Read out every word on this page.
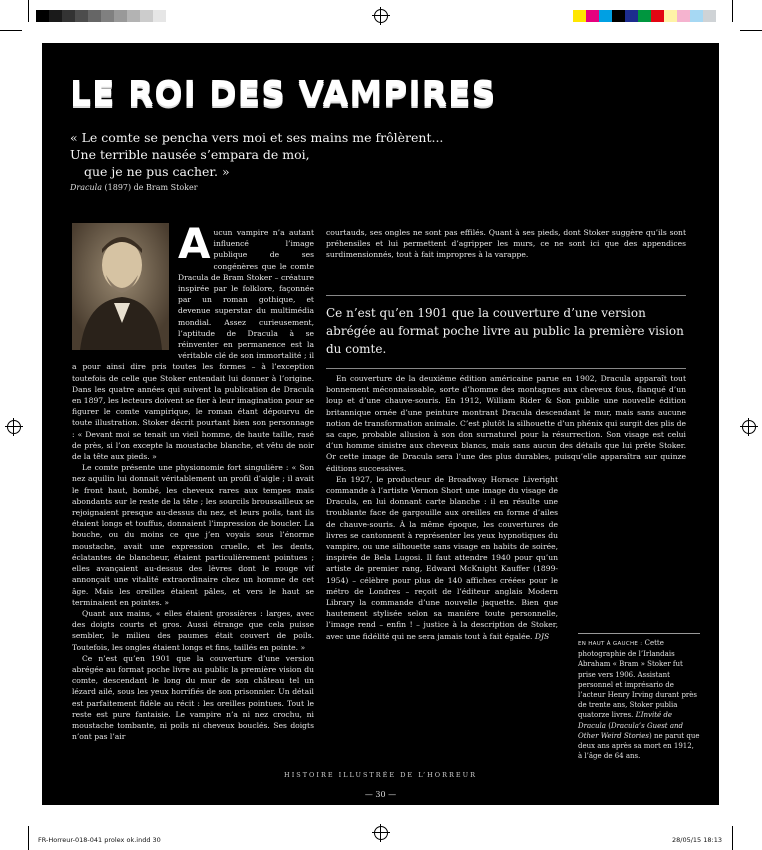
FR-Horreur-018-041 prolex ok.indd 30	28/05/15 18:13
LE ROI DES VAMPIRES
« Le comte se pencha vers moi et ses mains me frôlèrent...
Une terrible nausée s’empara de moi,
que je ne pus cacher. »
Dracula (1897) de Bram Stoker

Aucun vampire n’a autant influencé l’image publique de ses congénères que le comte Dracula de Bram Stoker – créature inspirée par le folklore, façonnée par un roman gothique, et devenue superstar du multimédia mondial. Assez curieusement, l’aptitude de Dracula à se réinventer en permanence est la véritable clé de son immortalité ; il a pour ainsi dire pris toutes les formes – à l’exception toutefois de celle que Stoker entendait lui donner à l’origine. Dans les quatre années qui suivent la publication de Dracula en 1897, les lecteurs doivent se fier à leur imagination pour se figurer le comte vampirique, le roman étant dépourvu de toute illustration. Stoker décrit pourtant bien son personnage : « Devant moi se tenait un vieil homme, de haute taille, rasé de près, si l’on excepte la moustache blanche, et vêtu de noir de la tête aux pieds. »

Le comte présente une physionomie fort singulière : « Son nez aquilin lui donnait véritablement un profil d’aigle ; il avait le front haut, bombé, les cheveux rares aux tempes mais abondants sur le reste de la tête ; les sourcils broussailleux se rejoignaient presque au-dessus du nez, et leurs poils, tant ils étaient longs et touffus, donnaient l’impression de boucler. La bouche, ou du moins ce que j’en voyais sous l’énorme moustache, avait une expression cruelle, et les dents, éclatantes de blancheur, étaient particulièrement pointues ; elles avançaient au-dessus des lèvres dont le rouge vif annonçait une vitalité extraordinaire chez un homme de cet âge. Mais les oreilles étaient pâles, et vers le haut se terminaient en pointes. »

Quant aux mains, « elles étaient grossières : larges, avec des doigts courts et gros. Aussi étrange que cela puisse sembler, le milieu des paumes était couvert de poils. Toutefois, les ongles étaient longs et fins, taillés en pointe. »

Ce n’est qu’en 1901 que la couverture d’une version abrégée au format poche livre au public la première vision du comte, descendant le long du mur de son château tel un lézard ailé, sous les yeux horrifiés de son prisonnier. Un détail est parfaitement fidèle au récit : les oreilles pointues. Tout le reste est pure fantaisie. Le vampire n’a ni nez crochu, ni moustache tombante, ni poils ni cheveux bouclés. Ses doigts n’ont pas l’air

courtauds, ses ongles ne sont pas effilés. Quant à ses pieds, dont Stoker suggère qu’ils sont préhensiles et lui permettent d’agripper les murs, ce ne sont ici que des appendices surdimensionnés, tout à fait impropres à la varappe.

Ce n’est qu’en 1901 que la couverture d’une version abrégée au format poche livre au public la première vision du comte.

En couverture de la deuxième édition américaine parue en 1902, Dracula apparaît tout bonnement méconnaissable, sorte d’homme des montagnes aux cheveux fous, flanqué d’un loup et d’une chauve-souris. En 1912, William Rider & Son publie une nouvelle édition britannique ornée d’une peinture montrant Dracula descendant le mur, mais sans aucune notion de transformation animale. C’est plutôt la silhouette d’un phénix qui surgit des plis de sa cape, probable allusion à son don surnaturel pour la résurrection. Son visage est celui d’un homme sinistre aux cheveux blancs, mais sans aucun des détails que lui prête Stoker. Or cette image de Dracula sera l’une des plus durables, puisqu’elle apparaîtra sur quinze éditions successives.

En 1927, le producteur de Broadway Horace Liveright commande à l’artiste Vernon Short une image du visage de Dracula, en lui donnant carte blanche : il en résulte une troublante face de gargouille aux oreilles en forme d’ailes de chauve-souris. À la même époque, les couvertures de livres se cantonnent à représenter les yeux hypnotiques du vampire, ou une silhouette sans visage en habits de soirée, inspirée de Bela Lugosi. Il faut attendre 1940 pour qu’un artiste de premier rang, Edward McKnight Kauffer (1899-1954) – célèbre pour plus de 140 affiches créées pour le métro de Londres – reçoit de l’éditeur anglais Modern Library la commande d’une nouvelle jaquette. Bien que hautement stylisée selon sa manière toute personnelle, l’image rend – enfin ! – justice à la description de Stoker, avec une fidélité qui ne sera jamais tout à fait égalée. DJS

EN HAUT À GAUCHE : Cette photographie de l’Irlandais Abraham « Bram » Stoker fut prise vers 1906. Assistant personnel et imprésario de l’acteur Henry Irving durant près de trente ans, Stoker publia quatorze livres. L’Invité de Dracula (Dracula’s Guest and Other Weird Stories) ne parut que deux ans après sa mort en 1912, à l’âge de 64 ans.
HISTOIRE ILLUSTRÉE DE L’HORREUR
— 30 —
